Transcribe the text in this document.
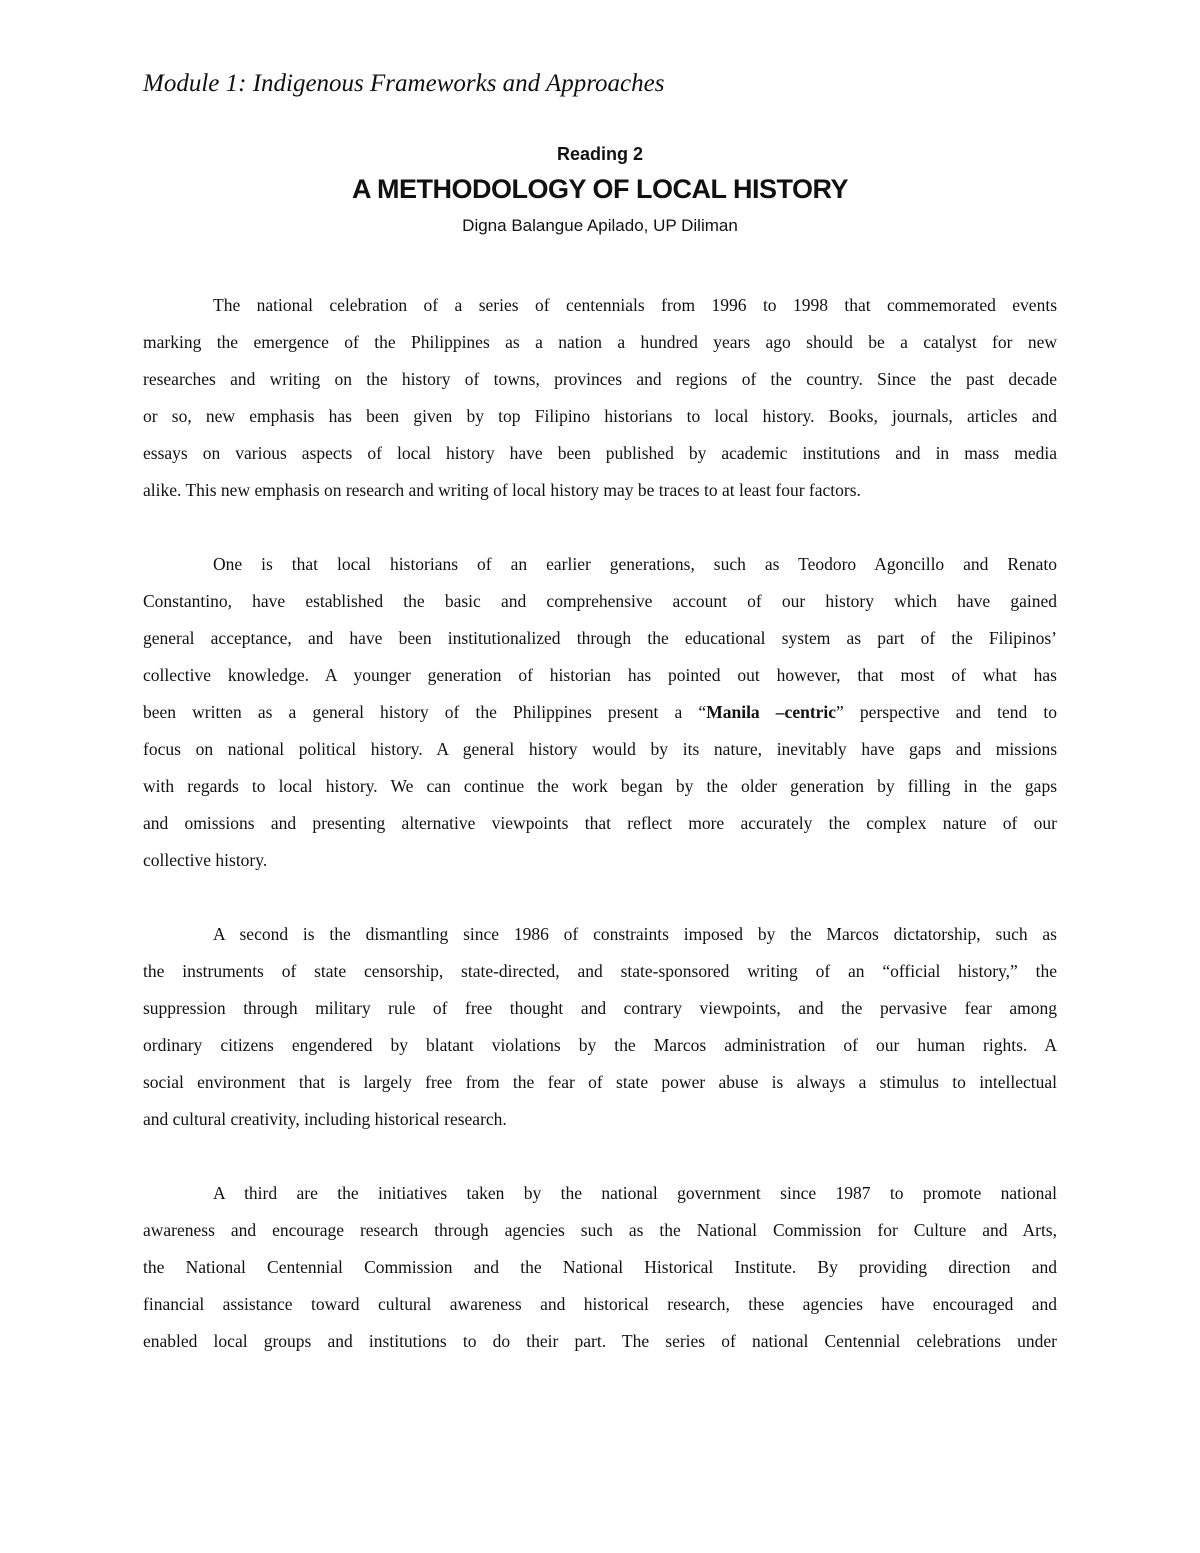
Module 1: Indigenous Frameworks and Approaches
Reading 2
A METHODOLOGY OF LOCAL HISTORY
Digna Balangue Apilado, UP Diliman
The national celebration of a series of centennials from 1996 to 1998 that commemorated events
marking the emergence of the Philippines as a nation a hundred years ago should be a catalyst for new
researches and writing on the history of towns, provinces and regions of the country. Since the past decade
or so, new emphasis has been given by top Filipino historians to local history. Books, journals, articles and
essays on various aspects of local history have been published by academic institutions and in mass media
alike. This new emphasis on research and writing of local history may be traces to at least four factors.
One is that local historians of an earlier generations, such as Teodoro Agoncillo and Renato
Constantino, have established the basic and comprehensive account of our history which have gained
general acceptance, and have been institutionalized through the educational system as part of the Filipinos’
collective knowledge. A younger generation of historian has pointed out however, that most of what has
been written as a general history of the Philippines present a “Manila –centric” perspective and tend to
focus on national political history. A general history would by its nature, inevitably have gaps and missions
with regards to local history. We can continue the work began by the older generation by filling in the gaps
and omissions and presenting alternative viewpoints that reflect more accurately the complex nature of our
collective history.
A second is the dismantling since 1986 of constraints imposed by the Marcos dictatorship, such as
the instruments of state censorship, state-directed, and state-sponsored writing of an “official history,” the
suppression through military rule of free thought and contrary viewpoints, and the pervasive fear among
ordinary citizens engendered by blatant violations by the Marcos administration of our human rights. A
social environment that is largely free from the fear of state power abuse is always a stimulus to intellectual
and cultural creativity, including historical research.
A third are the initiatives taken by the national government since 1987 to promote national
awareness and encourage research through agencies such as the National Commission for Culture and Arts,
the National Centennial Commission and the National Historical Institute. By providing direction and
financial assistance toward cultural awareness and historical research, these agencies have encouraged and
enabled local groups and institutions to do their part. The series of national Centennial celebrations under
